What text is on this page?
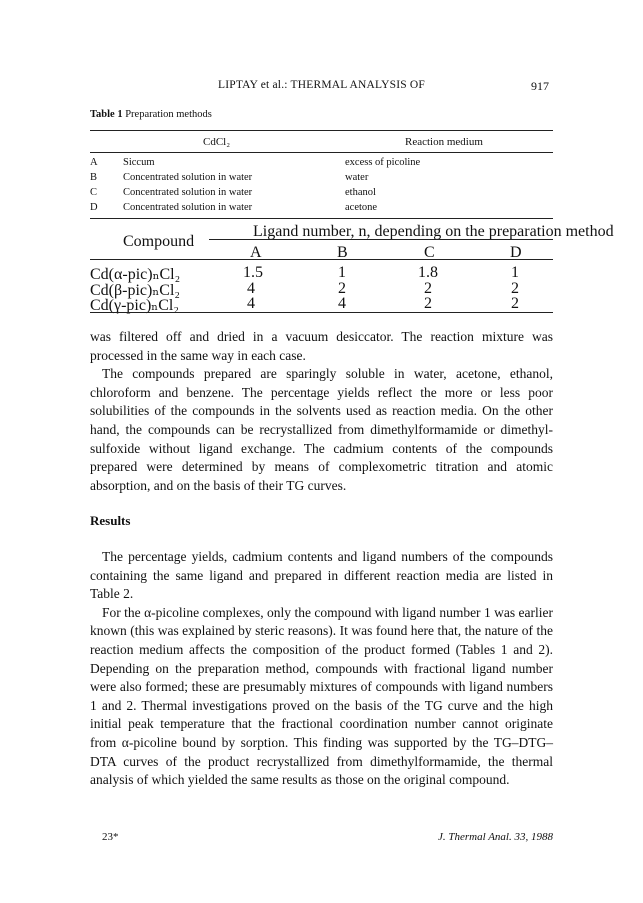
LIPTAY et al.: THERMAL ANALYSIS OF	917
Table 1 Preparation methods
CdCl₂	Reaction medium
A Siccum	excess of picoline
B Concentrated solution in water	water
C Concentrated solution in water	ethanol
D Concentrated solution in water	acetone
Ligand number, n, depending on the preparation method
Compound
A	B	C	D
Cd(α-pic)ₙCl₂	1.5	1	1.8	1
Cd(β-pic)ₙCl₂	4	2	2	2
Cd(γ-pic)ₙCl₂	4	4	2	2

was filtered off and dried in a vacuum desiccator. The reaction mixture was processed in the same way in each case.

The compounds prepared are sparingly soluble in water, acetone, ethanol, chloroform and benzene. The percentage yields reflect the more or less poor solubilities of the compounds in the solvents used as reaction media. On the other hand, the compounds can be recrystallized from dimethylformamide or dimethyl-sulfoxide without ligand exchange. The cadmium contents of the compounds prepared were determined by means of complexometric titration and atomic absorption, and on the basis of their TG curves.

Results

The percentage yields, cadmium contents and ligand numbers of the compounds containing the same ligand and prepared in different reaction media are listed in Table 2.

For the α-picoline complexes, only the compound with ligand number 1 was earlier known (this was explained by steric reasons). It was found here that, the nature of the reaction medium affects the composition of the product formed (Tables 1 and 2). Depending on the preparation method, compounds with fractional ligand number were also formed; these are presumably mixtures of compounds with ligand numbers 1 and 2. Thermal investigations proved on the basis of the TG curve and the high initial peak temperature that the fractional coordination number cannot originate from α-picoline bound by sorption. This finding was supported by the TG–DTG–DTA curves of the product recrystallized from dimethylformamide, the thermal analysis of which yielded the same results as those on the original compound.

23*	J. Thermal Anal. 33, 1988
